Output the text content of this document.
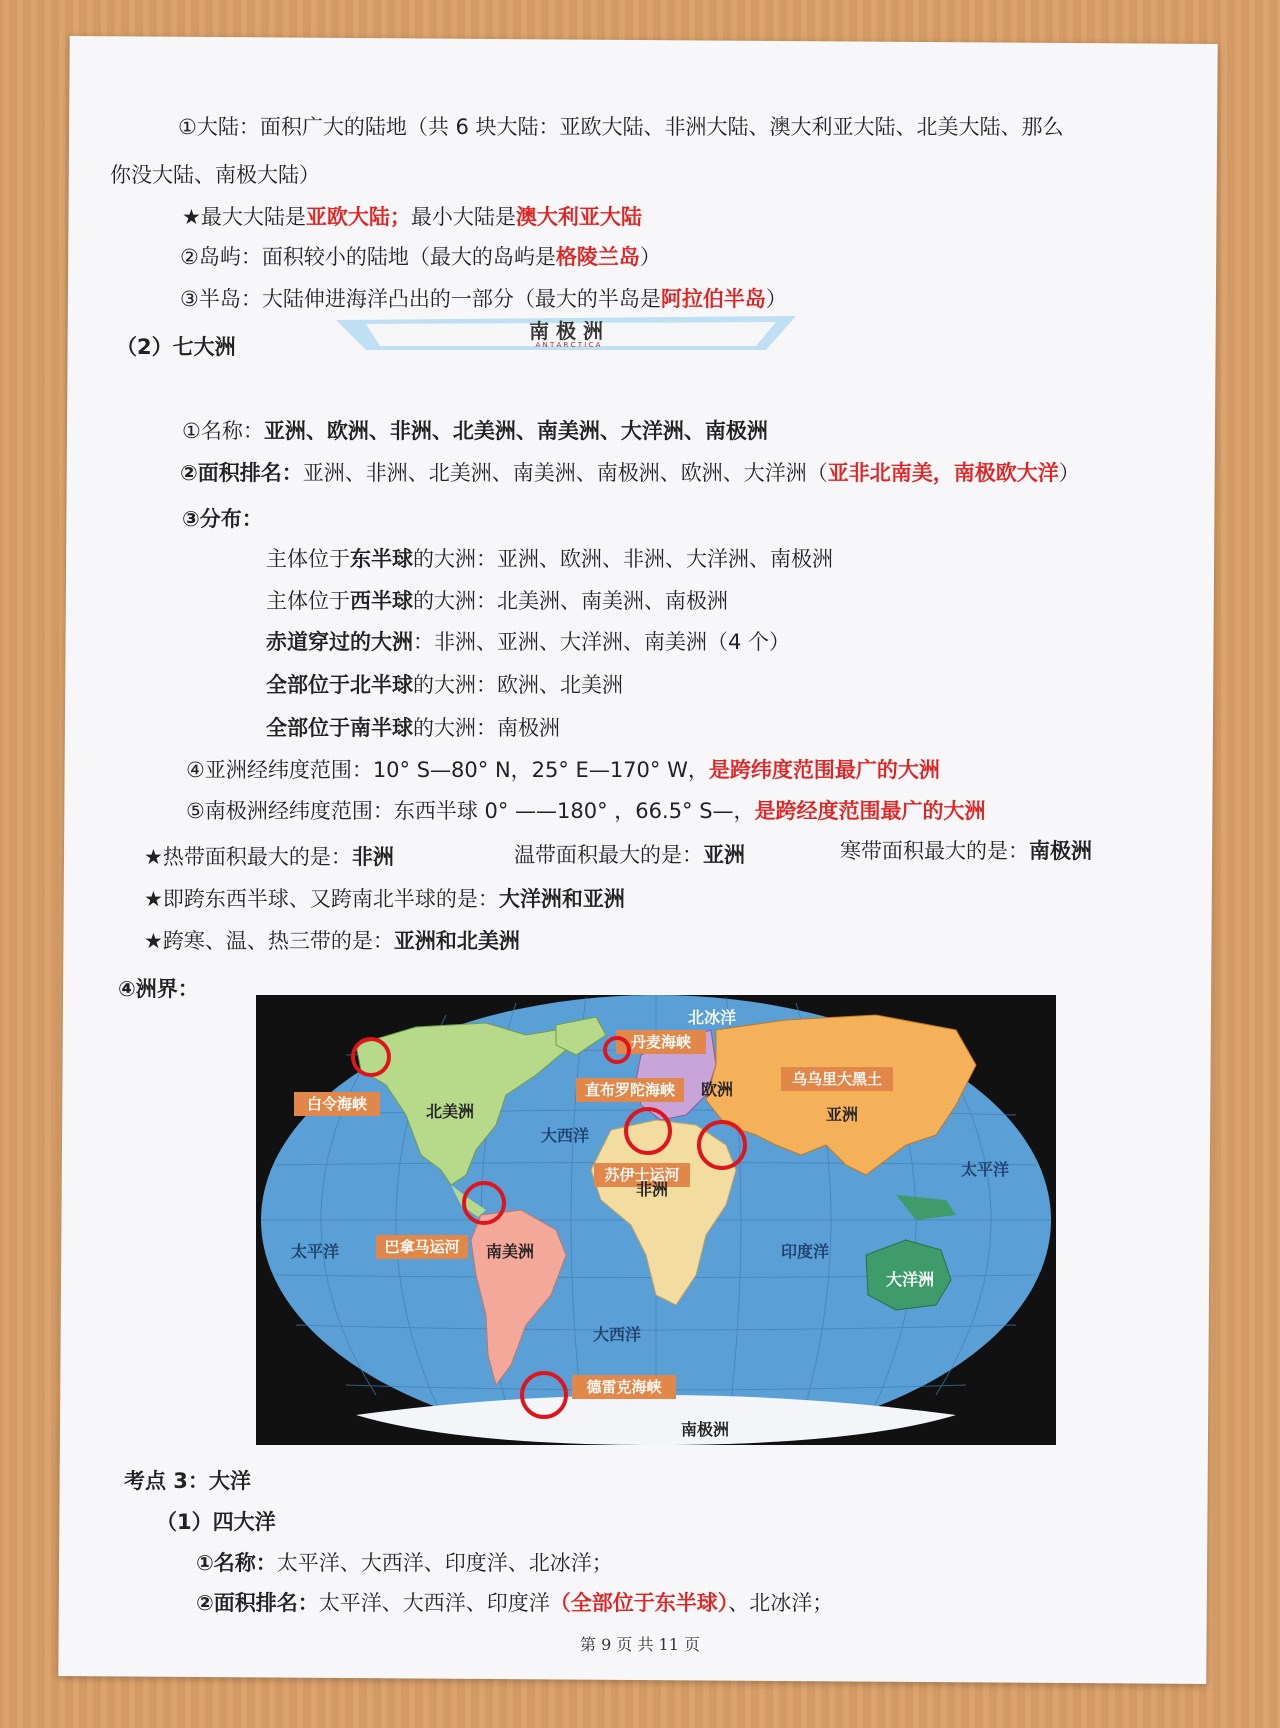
①大陆：面积广大的陆地（共 6 块大陆：亚欧大陆、非洲大陆、澳大利亚大陆、北美大陆、那么
你没大陆、南极大陆）
★最大大陆是亚欧大陆；最小大陆是澳大利亚大陆
②岛屿：面积较小的陆地（最大的岛屿是格陵兰岛）
③半岛：大陆伸进海洋凸出的一部分（最大的半岛是阿拉伯半岛）
（2）七大洲
南 极 洲
A N T A R C T I C A
①名称：亚洲、欧洲、非洲、北美洲、南美洲、大洋洲、南极洲
②面积排名：亚洲、非洲、北美洲、南美洲、南极洲、欧洲、大洋洲（亚非北南美，南极欧大洋）
③分布：
主体位于东半球的大洲：亚洲、欧洲、非洲、大洋洲、南极洲
主体位于西半球的大洲：北美洲、南美洲、南极洲
赤道穿过的大洲：非洲、亚洲、大洋洲、南美洲（4 个）
全部位于北半球的大洲：欧洲、北美洲
全部位于南半球的大洲：南极洲
④亚洲经纬度范围：10° S—80° N，25° E—170° W，是跨纬度范围最广的大洲
⑤南极洲经纬度范围：东西半球 0° ——180° ，66.5° S—，是跨经度范围最广的大洲
★热带面积最大的是：非洲	温带面积最大的是：亚洲	寒带面积最大的是：南极洲
★即跨东西半球、又跨南北半球的是：大洋洲和亚洲
★跨寒、温、热三带的是：亚洲和北美洲
④洲界：
丹麦海峡
乌乌里大黑土
白令海峡
直布罗陀海峡
苏伊士运河
巴拿马运河
德雷克海峡
北冰洋
欧洲
北美洲	亚洲
大西洋
非洲
太平洋
太平洋	南美洲	印度洋
大洋洲
大西洋
南极洲
考点 3：大洋
（1）四大洋
①名称：太平洋、大西洋、印度洋、北冰洋；
②面积排名：太平洋、大西洋、印度洋（全部位于东半球）、北冰洋；
第 9 页 共 11 页
